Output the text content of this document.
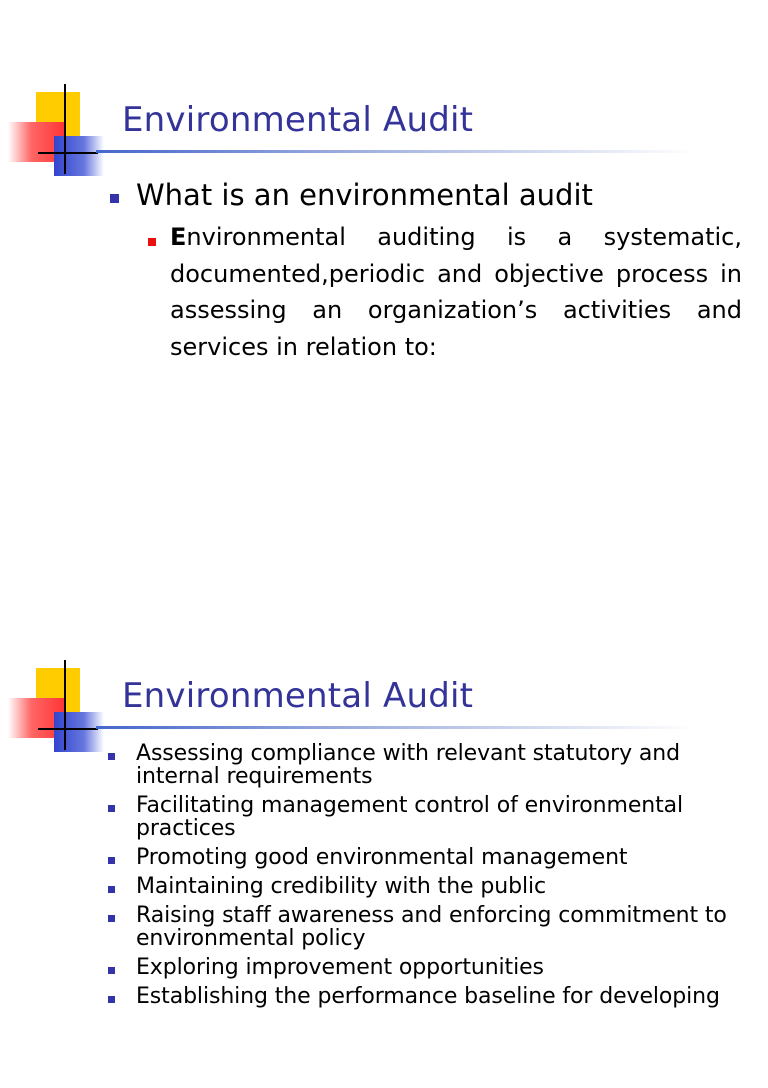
Environmental Audit
What is an environmental audit
Environmental auditing is a systematic, documented,periodic and objective process in assessing an organization’s activities and services in relation to:
Environmental Audit
Assessing compliance with relevant statutory and internal requirements
Facilitating management control of environmental practices
Promoting good environmental management
Maintaining credibility with the public
Raising staff awareness and enforcing commitment to environmental policy
Exploring improvement opportunities
Establishing the performance baseline for developing
